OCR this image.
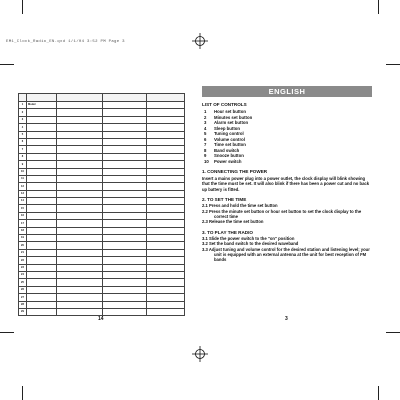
EM1_Clock_Radio_EN.qxd 1/1/04 3:52 PM Page 3

1	Model			
2				
3				
4				
5				
6				
7				
8				
9				
10				
11				
12				
13				
14				
15				
16				
17				
18				
19				
20				
21				
22				
23				
24				
25				
26				
27				
28				
29				
14
ENGLISH
LIST OF CONTROLS
1 Hour set button
2 Minutes set button
3 Alarm set button
4 Sleep button
5 Tuning control
6 Volume control
7 Time set button
8 Band switch
9 Snooze button
10 Power switch
1. CONNECTING THE POWER
Insert a mains power plug into a power outlet, the clock display will blink showing that the time must be set. It will also blink if there has been a power cut and no back up battery is fitted.
2. TO SET THE TIME
2.1 Press and hold the time set button
2.2 Press the minute set button or hour set button to set the clock display to the correct time
2.3 Release the time set button
3. TO PLAY THE RADIO
3.1 Slide the power switch to the "on" position
3.2 Set the band switch to the desired waveband
3.3 Adjust tuning and volume control for the desired station and listening level; your unit is equipped with an external antenna at the unit for best reception of FM bands
3
